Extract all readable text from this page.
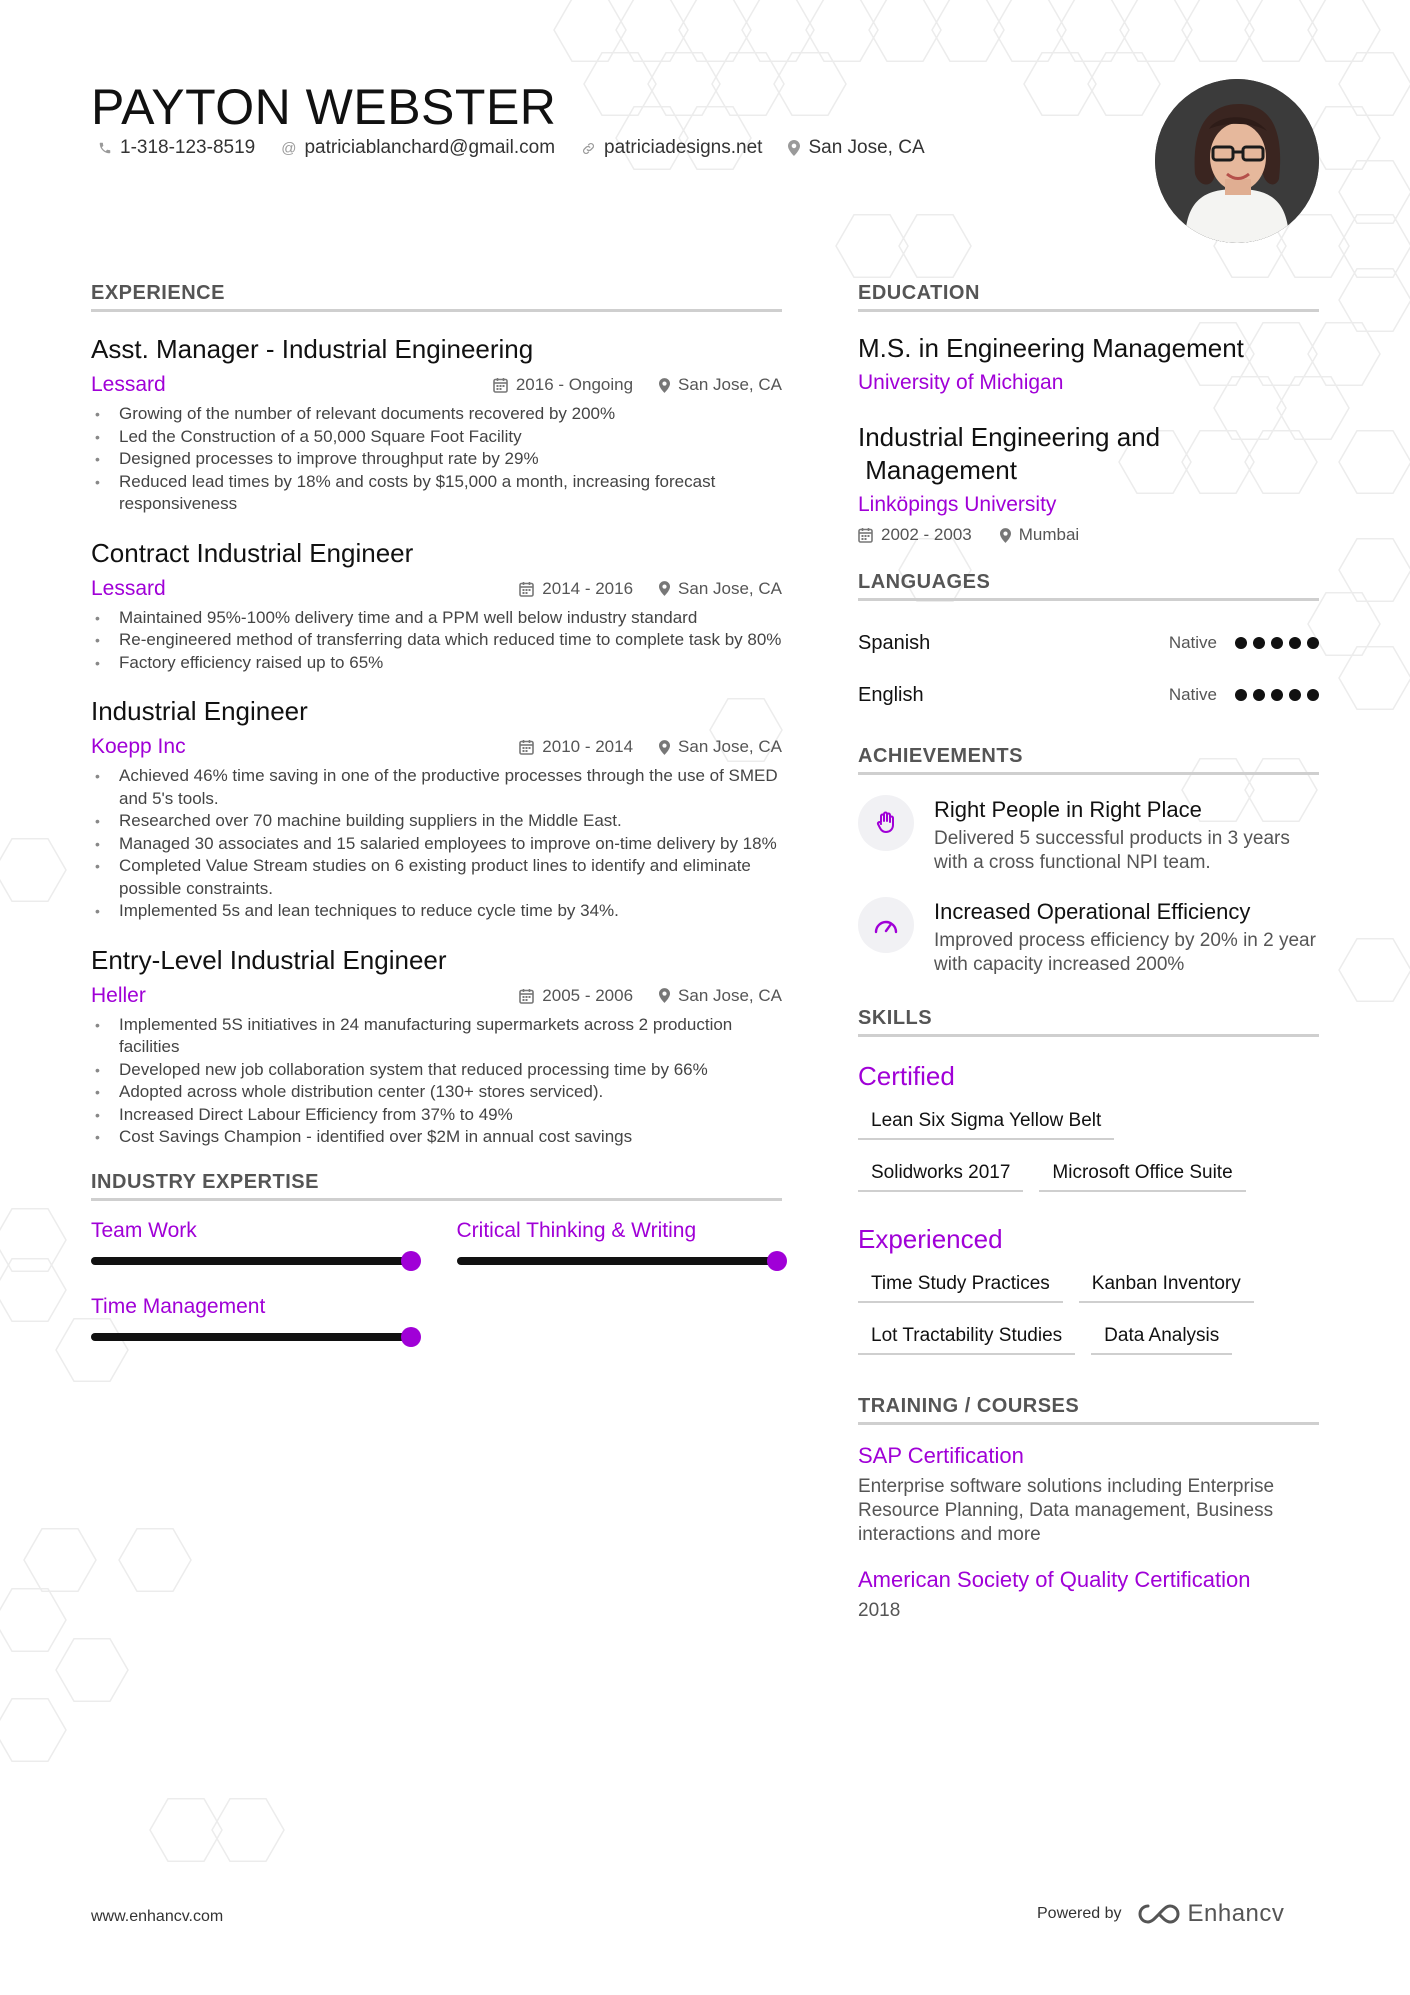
PAYTON WEBSTER
1-318-123-8519 @ patriciablanchard@gmail.com	patriciadesigns.net San Jose, CA
EXPERIENCE
Asst. Manager - Industrial Engineering
Lessard	2016 - Ongoing	San Jose, CA
• Growing of the number of relevant documents recovered by 200%
• Led the Construction of a 50,000 Square Foot Facility
• Designed processes to improve throughput rate by 29%
• Reduced lead times by 18% and costs by $15,000 a month, increasing forecast responsiveness
Contract Industrial Engineer
Lessard	2014 - 2016	San Jose, CA
• Maintained 95%-100% delivery time and a PPM well below industry standard
• Re-engineered method of transferring data which reduced time to complete task by 80%
• Factory efficiency raised up to 65%
Industrial Engineer
Koepp Inc	2010 - 2014	San Jose, CA
• Achieved 46% time saving in one of the productive processes through the use of SMED and 5's tools.
• Researched over 70 machine building suppliers in the Middle East.
• Managed 30 associates and 15 salaried employees to improve on-time delivery by 18%
• Completed Value Stream studies on 6 existing product lines to identify and eliminate possible constraints.
• Implemented 5s and lean techniques to reduce cycle time by 34%.
Entry-Level Industrial Engineer
Heller	2005 - 2006	San Jose, CA
• Implemented 5S initiatives in 24 manufacturing supermarkets across 2 production facilities
• Developed new job collaboration system that reduced processing time by 66%
• Adopted across whole distribution center (130+ stores serviced).
• Increased Direct Labour Efficiency from 37% to 49%
• Cost Savings Champion - identified over $2M in annual cost savings
INDUSTRY EXPERTISE
Team Work	Critical Thinking & Writing
Time Management
EDUCATION
M.S. in Engineering Management
University of Michigan
Industrial Engineering and
Management
Linköpings University
2002 - 2003	Mumbai
LANGUAGES
Spanish	Native
English	Native
ACHIEVEMENTS
Right People in Right Place
Delivered 5 successful products in 3 years
with a cross functional NPI team.
Increased Operational Efficiency
Improved process efficiency by 20% in 2 year with capacity increased 200%
SKILLS
Certified
Lean Six Sigma Yellow Belt
Solidworks 2017	Microsoft Office Suite
Experienced
Time Study Practices	Kanban Inventory
Lot Tractability Studies	Data Analysis
TRAINING / COURSES
SAP Certification
Enterprise software solutions including Enterprise Resource Planning, Data management, Business interactions and more
American Society of Quality Certification
2018
www.enhancv.com	Powered by	Enhancv
